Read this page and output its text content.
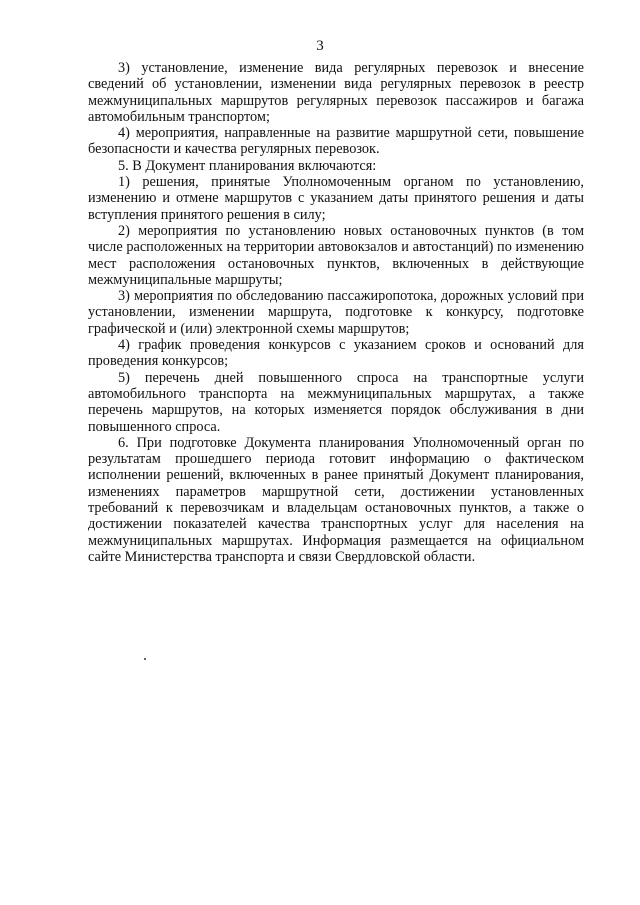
3

3) установление, изменение вида регулярных перевозок и внесение сведений об установлении, изменении вида регулярных перевозок в реестр межмуниципальных маршрутов регулярных перевозок пассажиров и багажа автомобильным транспортом;

4) мероприятия, направленные на развитие маршрутной сети, повышение безопасности и качества регулярных перевозок.

5. В Документ планирования включаются:

1) решения, принятые Уполномоченным органом по установлению, изменению и отмене маршрутов с указанием даты принятого решения и даты вступления принятого решения в силу;

2) мероприятия по установлению новых остановочных пунктов (в том числе расположенных на территории автовокзалов и автостанций) по изменению мест расположения остановочных пунктов, включенных в действующие межмуниципальные маршруты;

3) мероприятия по обследованию пассажиропотока, дорожных условий при установлении, изменении маршрута, подготовке к конкурсу, подготовке графической и (или) электронной схемы маршрутов;

4) график проведения конкурсов с указанием сроков и оснований для проведения конкурсов;

5) перечень дней повышенного спроса на транспортные услуги автомобильного транспорта на межмуниципальных маршрутах, а также перечень маршрутов, на которых изменяется порядок обслуживания в дни повышенного спроса.

6. При подготовке Документа планирования Уполномоченный орган по результатам прошедшего периода готовит информацию о фактическом исполнении решений, включенных в ранее принятый Документ планирования, изменениях параметров маршрутной сети, достижении установленных требований к перевозчикам и владельцам остановочных пунктов, а также о достижении показателей качества транспортных услуг для населения на межмуниципальных маршрутах. Информация размещается на официальном сайте Министерства транспорта и связи Свердловской области.
